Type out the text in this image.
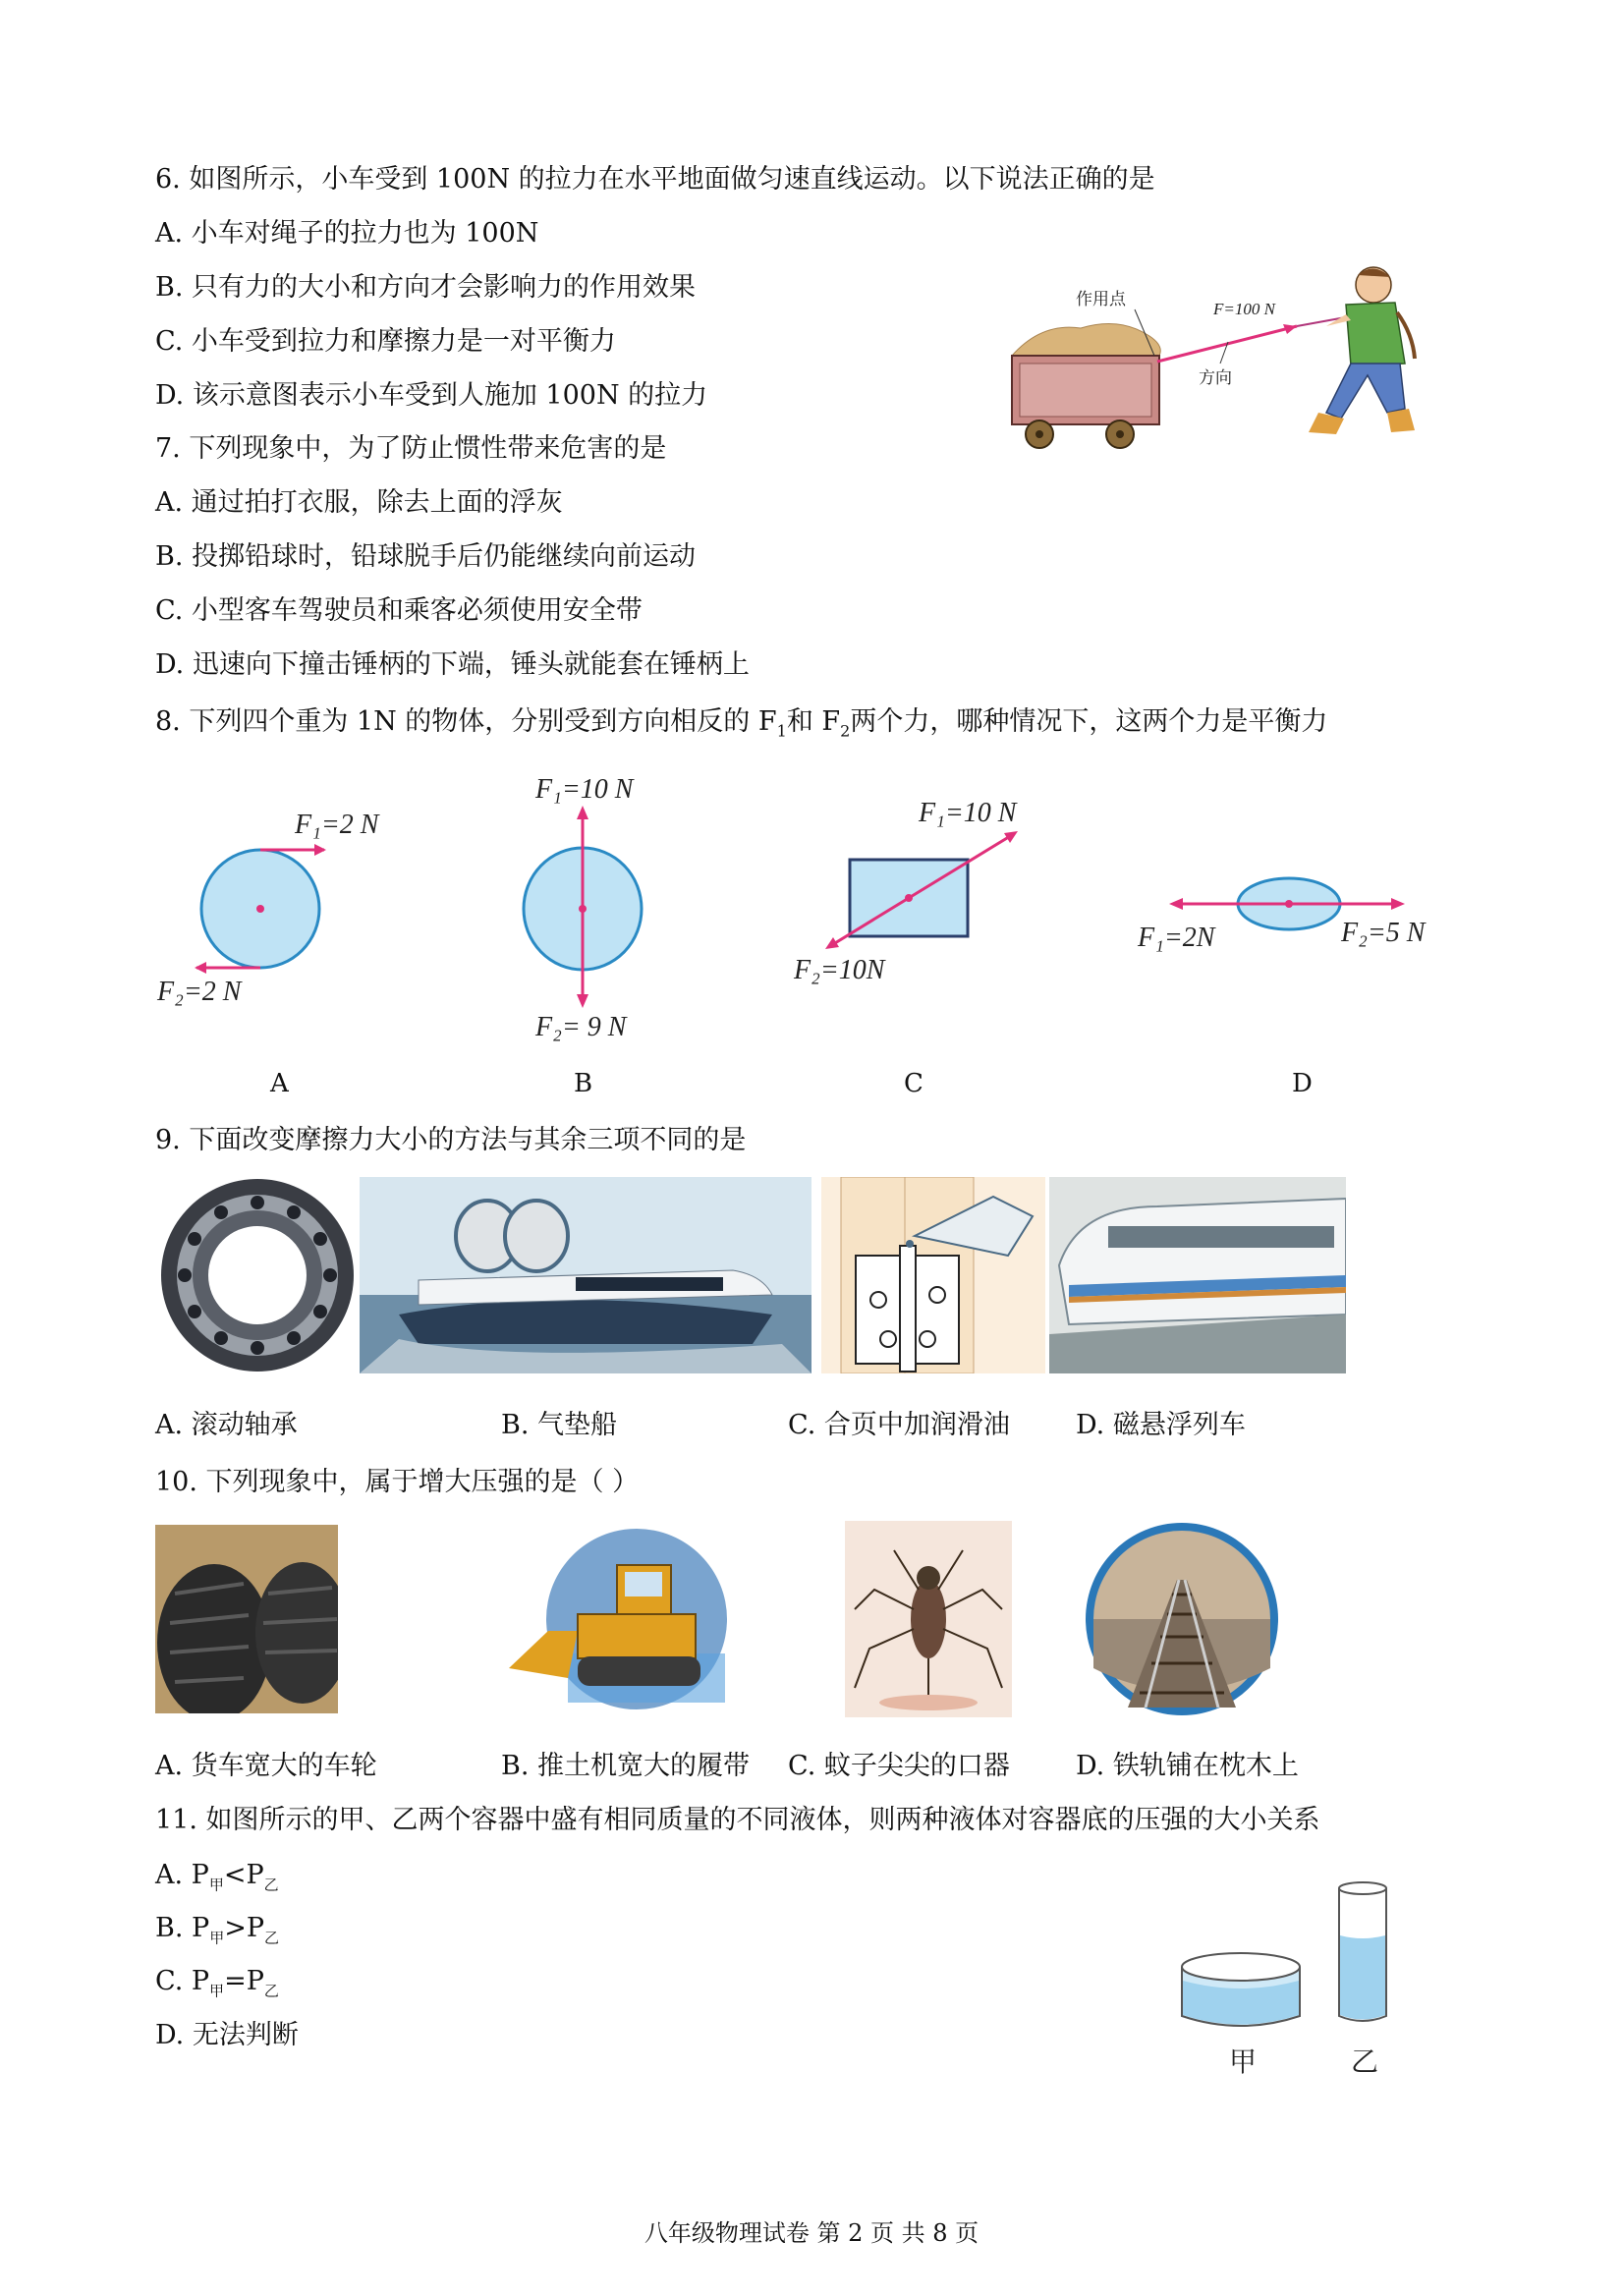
6. 如图所示，小车受到 100N 的拉力在水平地面做匀速直线运动。以下说法正确的是
A. 小车对绳子的拉力也为 100N
B. 只有力的大小和方向才会影响力的作用效果
C. 小车受到拉力和摩擦力是一对平衡力
D. 该示意图表示小车受到人施加 100N 的拉力
作用点
F=100 N
方向
7. 下列现象中，为了防止惯性带来危害的是
A. 通过拍打衣服，除去上面的浮灰
B. 投掷铅球时，铅球脱手后仍能继续向前运动
C. 小型客车驾驶员和乘客必须使用安全带
D. 迅速向下撞击锤柄的下端，锤头就能套在锤柄上
8. 下列四个重为 1N 的物体，分别受到方向相反的 $F_1$和 $F_2$两个力，哪种情况下，这两个力是平衡力
F₁=2 N
F₂=2 N
F₁=10 N
F₂= 9 N
F₁=10 N
F₂=10N
F₁=2N	F₂=5 N
A	B	C	D
9. 下面改变摩擦力大小的方法与其余三项不同的是
A. 滚动轴承	B. 气垫船	C. 合页中加润滑油 D. 磁悬浮列车
10. 下列现象中，属于增大压强的是（ ）
A. 货车宽大的车轮	B. 推土机宽大的履带 C. 蚊子尖尖的口器 D. 铁轨铺在枕木上
11. 如图所示的甲、乙两个容器中盛有相同质量的不同液体，则两种液体对容器底的压强的大小关系
A. $P_甲<P_乙$
B. $P_甲>P_乙$
C. $P_甲=P_乙$
D. 无法判断
甲	乙
八年级物理试卷 第 2 页 共 8 页
